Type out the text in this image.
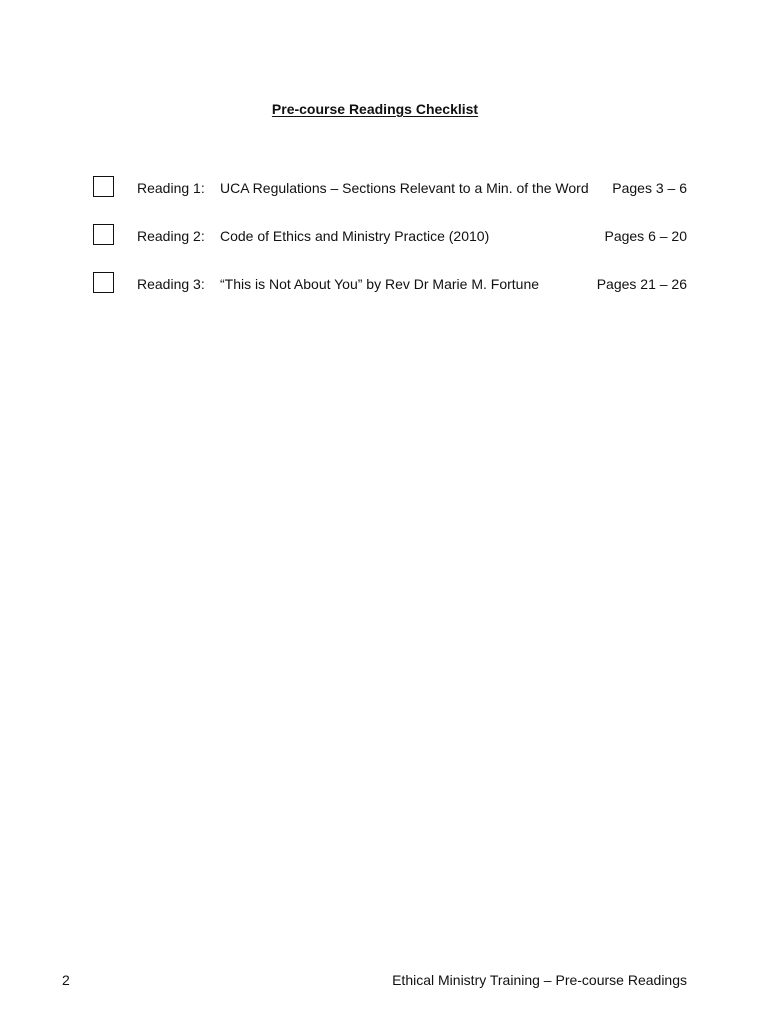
Pre-course Readings Checklist
Reading 1: UCA Regulations – Sections Relevant to a Min. of the Word Pages 3 – 6
Reading 2: Code of Ethics and Ministry Practice (2010)	Pages 6 – 20
Reading 3: “This is Not About You” by Rev Dr Marie M. Fortune	Pages 21 – 26
2	Ethical Ministry Training – Pre-course Readings
